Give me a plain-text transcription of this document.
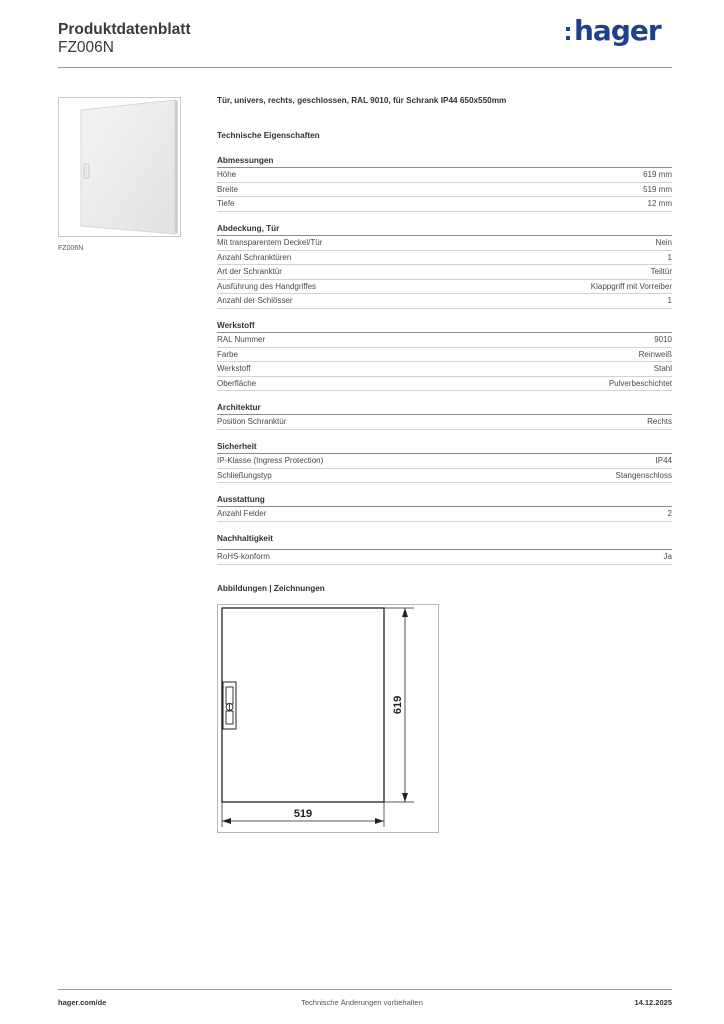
Produktdatenblatt
FZ006N
hager
FZ006N
Tür, univers, rechts, geschlossen, RAL 9010, für Schrank IP44 650x550mm
Technische Eigenschaften
Abmessungen
Höhe	619 mm
Breite	519 mm
Tiefe	12 mm
Abdeckung, Tür
Mit transparentem Deckel/Tür	Nein
Anzahl Schranktüren	1
Art der Schranktür	Teiltür
Ausführung des Handgriffes	Klappgriff mit Vorreiber
Anzahl der Schlösser	1
Werkstoff
RAL Nummer	9010
Farbe	Reinweiß
Werkstoff	Stahl
Oberfläche	Pulverbeschichtet
Architektur
Position Schranktür	Rechts
Sicherheit
IP-Klasse (Ingress Protection)	IP44
Schließungstyp	Stangenschloss
Ausstattung
Anzahl Felder	2
Nachhaltigkeit
RoHS-konform	Ja
Abbildungen | Zeichnungen
619
519
hager.com/de	Technische Änderungen vorbehalten	14.12.2025
